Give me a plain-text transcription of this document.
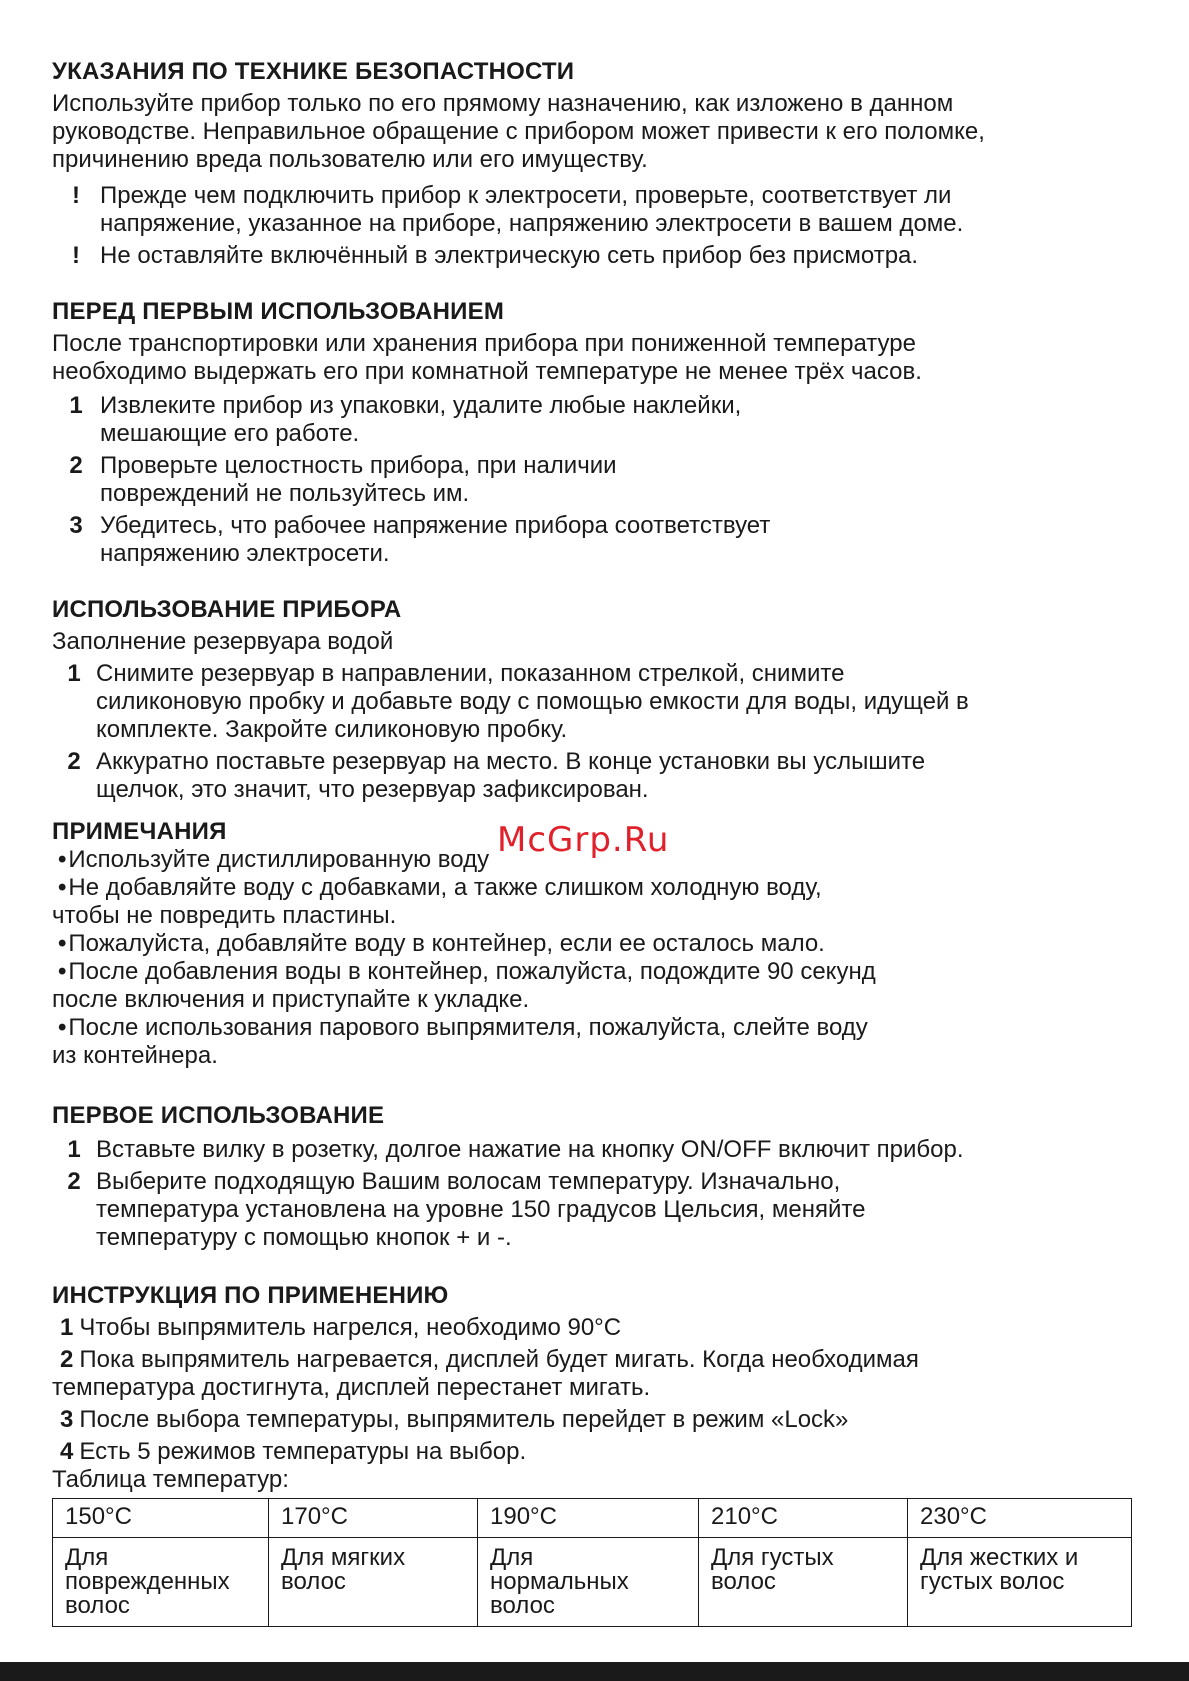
УКАЗАНИЯ ПО ТЕХНИКЕ БЕЗОПАСТНОСТИ

Используйте прибор только по его прямому назначению, как изложено в данном

руководстве. Неправильное обращение с прибором может привести к его поломке,

причинению вреда пользователю или его имуществу.

! Прежде чем подключить прибор к электросети, проверьте, соответствует ли
напряжение, указанное на приборе, напряжению электросети в вашем доме.
! Не оставляйте включённый в электрическую сеть прибор без присмотра.
ПЕРЕД ПЕРВЫМ ИСПОЛЬЗОВАНИЕМ

После транспортировки или хранения прибора при пониженной температуре

необходимо выдержать его при комнатной температуре не менее трёх часов.

1 Извлеките прибор из упаковки, удалите любые наклейки,
мешающие его работе.
2 Проверьте целостность прибора, при наличии
повреждений не пользуйтесь им.
3 Убедитесь, что рабочее напряжение прибора соответствует
напряжению электросети.
ИСПОЛЬЗОВАНИЕ ПРИБОРА

Заполнение резервуара водой

1 Снимите резервуар в направлении, показанном стрелкой, снимите
силиконовую пробку и добавьте воду с помощью емкости для воды, идущей в
комплекте. Закройте силиконовую пробку.
2 Аккуратно поставьте резервуар на место. В конце установки вы услышите
щелчок, это значит, что резервуар зафиксирован.
ПРИМЕЧАНИЯ
•Используйте дистиллированную воду
•Не добавляйте воду с добавками, а также слишком холодную воду,
чтобы не повредить пластины.
•Пожалуйста, добавляйте воду в контейнер, если ее осталось мало.
•После добавления воды в контейнер, пожалуйста, подождите 90 секунд
после включения и приступайте к укладке.
•После использования парового выпрямителя, пожалуйста, слейте воду
из контейнера.
ПЕРВОЕ ИСПОЛЬЗОВАНИЕ
1 Вставьте вилку в розетку, долгое нажатие на кнопку ON/OFF включит прибор.
2 Выберите подходящую Вашим волосам температуру. Изначально,
температура установлена на уровне 150 градусов Цельсия, меняйте
температуру с помощью кнопок + и -.
ИНСТРУКЦИЯ ПО ПРИМЕНЕНИЮ

1 Чтобы выпрямитель нагрелся, необходимо 90°C

2 Пока выпрямитель нагревается, дисплей будет мигать. Когда необходимая
температура достигнута, дисплей перестанет мигать.

3 После выбора температуры, выпрямитель перейдет в режим «Lock»

4 Есть 5 режимов температуры на выбор.

Таблица температур:

150°C	170°C	190°C	210°C	230°C
Для
поврежденных
волос	Для мягких
волос	Для
нормальных
волос	Для густых
волос	Для жестких и
густых волос
McGrp.Ru
